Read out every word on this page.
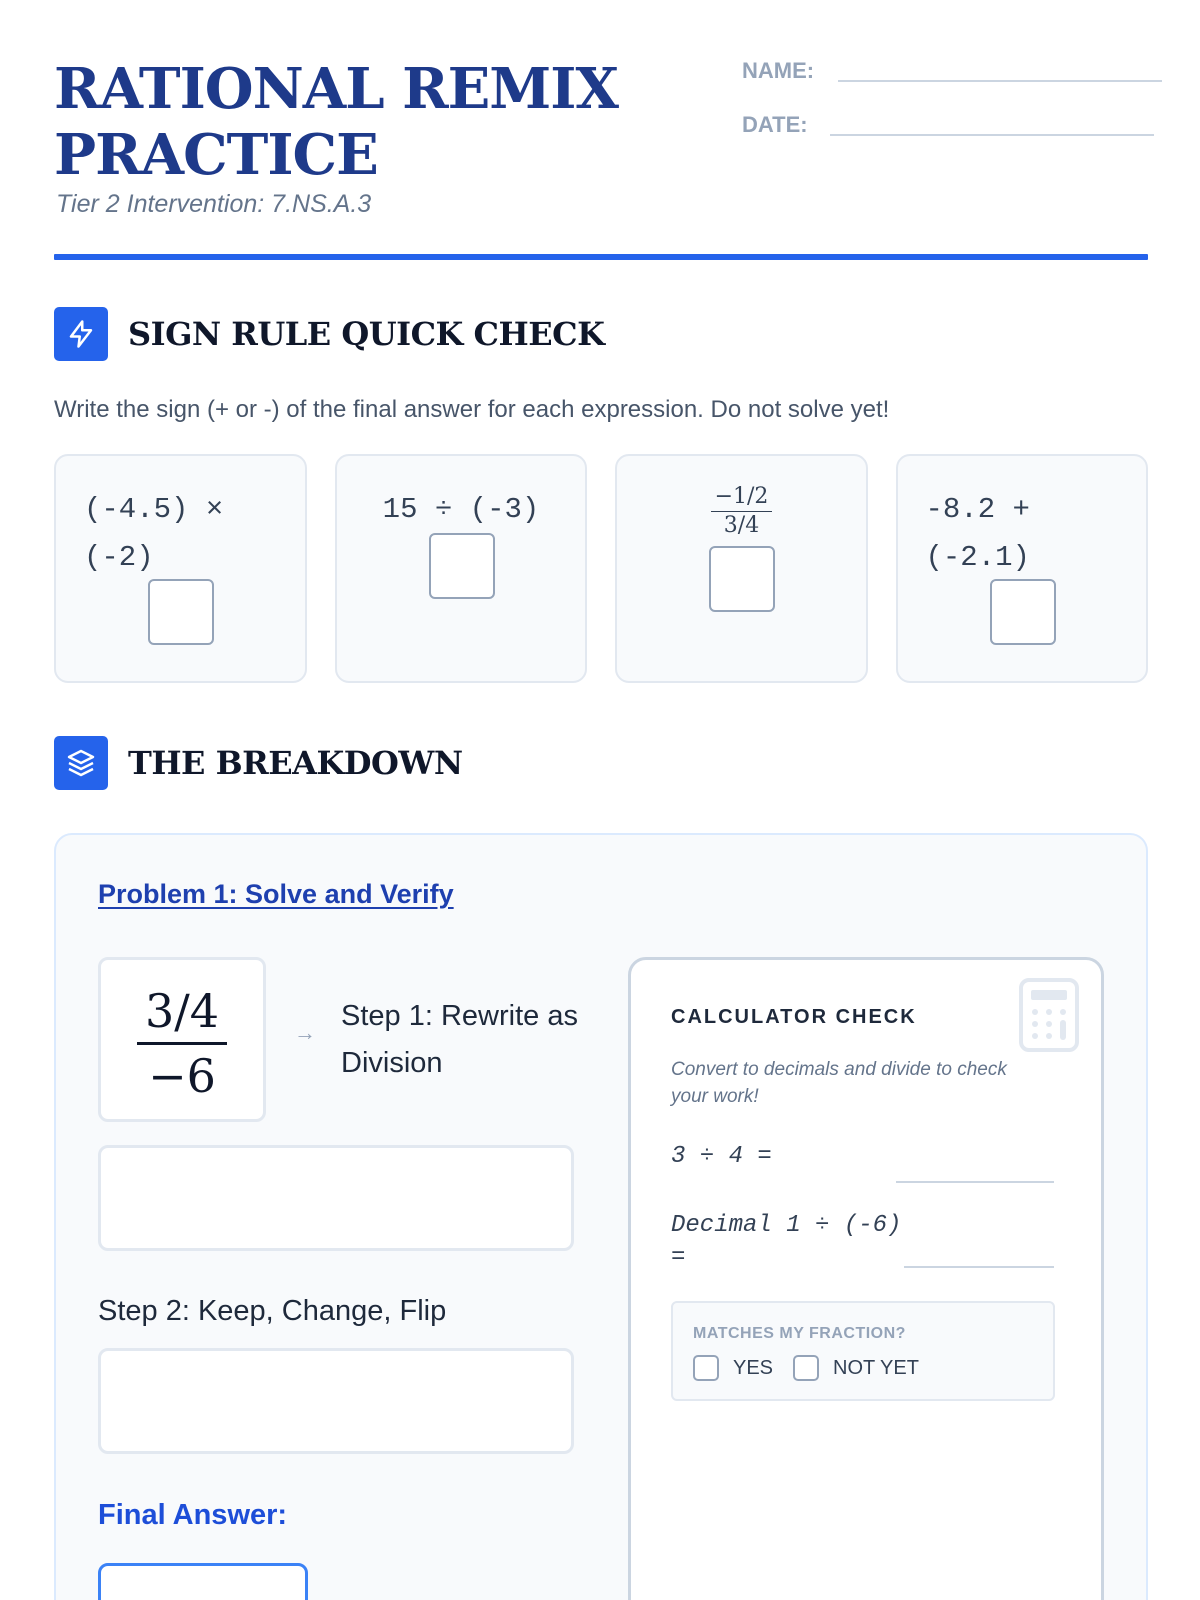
RATIONAL REMIX PRACTICE
Tier 2 Intervention: 7.NS.A.3
NAME:
DATE:
SIGN RULE QUICK CHECK

Write the sign (+ or -) of the final answer for each expression. Do not solve yet!

(-4.5) × (-2)
15 ÷ (-3)	$\frac{-1/2}{3/4} -8.2 + (-2.1)$
THE BREAKDOWN
Problem 1: Solve and Verify
$\frac{3/4}{-6}$ →
Step 1: Rewrite as Division
Step 2: Keep, Change, Flip
Final Answer:
CALCULATOR CHECK
Convert to decimals and divide to check your work!
3 ÷ 4 =
Decimal 1 ÷ (-6) =
MATCHES MY FRACTION?
YES	NOT YET
